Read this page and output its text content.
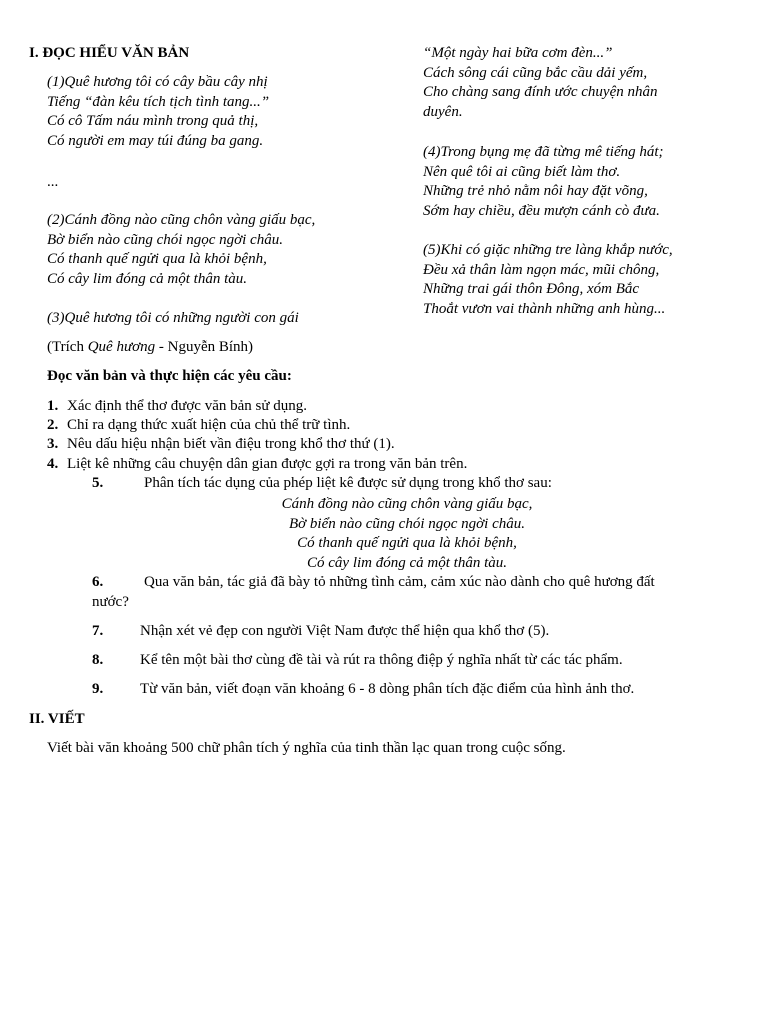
I. ĐỌC HIỂU VĂN BẢN
(1)Quê hương tôi có cây bầu cây nhị
Tiếng “đàn kêu tích tịch tình tang...”
Có cô Tấm náu mình trong quả thị,
Có người em may túi đúng ba gang.
...
(2)Cánh đồng nào cũng chôn vàng giấu bạc,
Bờ biển nào cũng chói ngọc ngời châu.
Có thanh quế ngửi qua là khỏi bệnh,
Có cây lim đóng cả một thân tàu.
(3)Quê hương tôi có những người con gái
“Một ngày hai bữa cơm đèn...”
Cách sông cái cũng bắc cầu dải yếm,
Cho chàng sang đính ước chuyện nhân
duyên.
(4)Trong bụng mẹ đã từng mê tiếng hát;
Nên quê tôi ai cũng biết làm thơ.
Những trẻ nhỏ nằm nôi hay đặt võng,
Sớm hay chiều, đều mượn cánh cò đưa.
(5)Khi có giặc những tre làng khắp nước,
Đều xả thân làm ngọn mác, mũi chông,
Những trai gái thôn Đông, xóm Bắc
Thoắt vươn vai thành những anh hùng...
(Trích Quê hương - Nguyễn Bính)
Đọc văn bản và thực hiện các yêu cầu:
1. Xác định thể thơ được văn bản sử dụng.
2. Chỉ ra dạng thức xuất hiện của chủ thể trữ tình.
3. Nêu dấu hiệu nhận biết vần điệu trong khổ thơ thứ (1).
4. Liệt kê những câu chuyện dân gian được gợi ra trong văn bản trên.
5.	Phân tích tác dụng của phép liệt kê được sử dụng trong khổ thơ sau:
Cánh đồng nào cũng chôn vàng giấu bạc,
Bờ biển nào cũng chói ngọc ngời châu.
Có thanh quế ngửi qua là khỏi bệnh,
Có cây lim đóng cả một thân tàu.
6.	Qua văn bản, tác giả đã bày tỏ những tình cảm, cảm xúc nào dành cho quê hương đất
nước?
7. Nhận xét vẻ đẹp con người Việt Nam được thể hiện qua khổ thơ (5).
8. Kể tên một bài thơ cùng đề tài và rút ra thông điệp ý nghĩa nhất từ các tác phẩm.
9. Từ văn bản, viết đoạn văn khoảng 6 - 8 dòng phân tích đặc điểm của hình ảnh thơ.
II. VIẾT
Viết bài văn khoảng 500 chữ phân tích ý nghĩa của tinh thần lạc quan trong cuộc sống.
